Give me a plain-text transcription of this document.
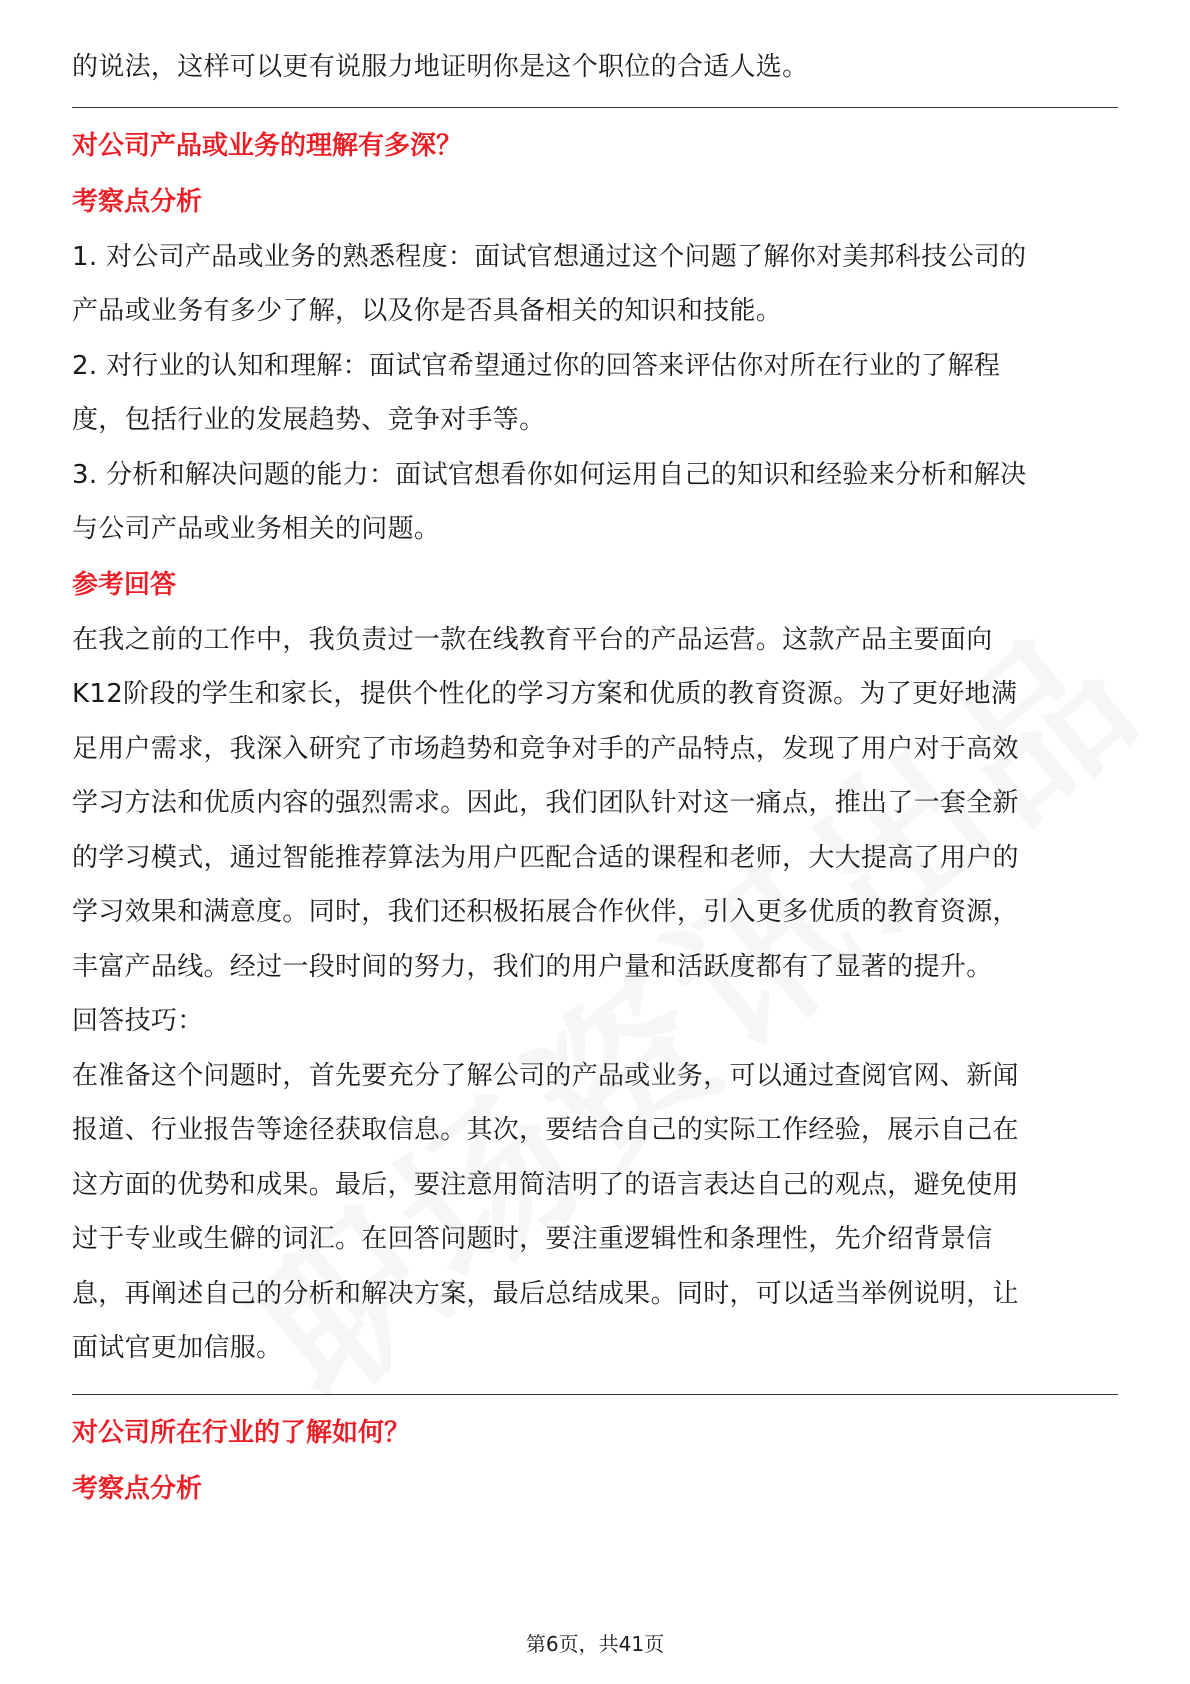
的说法，这样可以更有说服力地证明你是这个职位的合适人选。

对公司产品或业务的理解有多深？

考察点分析

1. 对公司产品或业务的熟悉程度：面试官想通过这个问题了解你对美邦科技公司的

产品或业务有多少了解，以及你是否具备相关的知识和技能。

2. 对行业的认知和理解：面试官希望通过你的回答来评估你对所在行业的了解程

度，包括行业的发展趋势、竞争对手等。

3. 分析和解决问题的能力：面试官想看你如何运用自己的知识和经验来分析和解决

与公司产品或业务相关的问题。

参考回答

在我之前的工作中，我负责过一款在线教育平台的产品运营。这款产品主要面向

K12阶段的学生和家长，提供个性化的学习方案和优质的教育资源。为了更好地满

足用户需求，我深入研究了市场趋势和竞争对手的产品特点，发现了用户对于高效

学习方法和优质内容的强烈需求。因此，我们团队针对这一痛点，推出了一套全新

的学习模式，通过智能推荐算法为用户匹配合适的课程和老师，大大提高了用户的

学习效果和满意度。同时，我们还积极拓展合作伙伴，引入更多优质的教育资源，

丰富产品线。经过一段时间的努力，我们的用户量和活跃度都有了显著的提升。

回答技巧：

在准备这个问题时，首先要充分了解公司的产品或业务，可以通过查阅官网、新闻

报道、行业报告等途径获取信息。其次，要结合自己的实际工作经验，展示自己在

这方面的优势和成果。最后，要注意用简洁明了的语言表达自己的观点，避免使用

过于专业或生僻的词汇。在回答问题时，要注重逻辑性和条理性，先介绍背景信

息，再阐述自己的分析和解决方案，最后总结成果。同时，可以适当举例说明，让

面试官更加信服。

对公司所在行业的了解如何？

考察点分析

第6页，共41页
